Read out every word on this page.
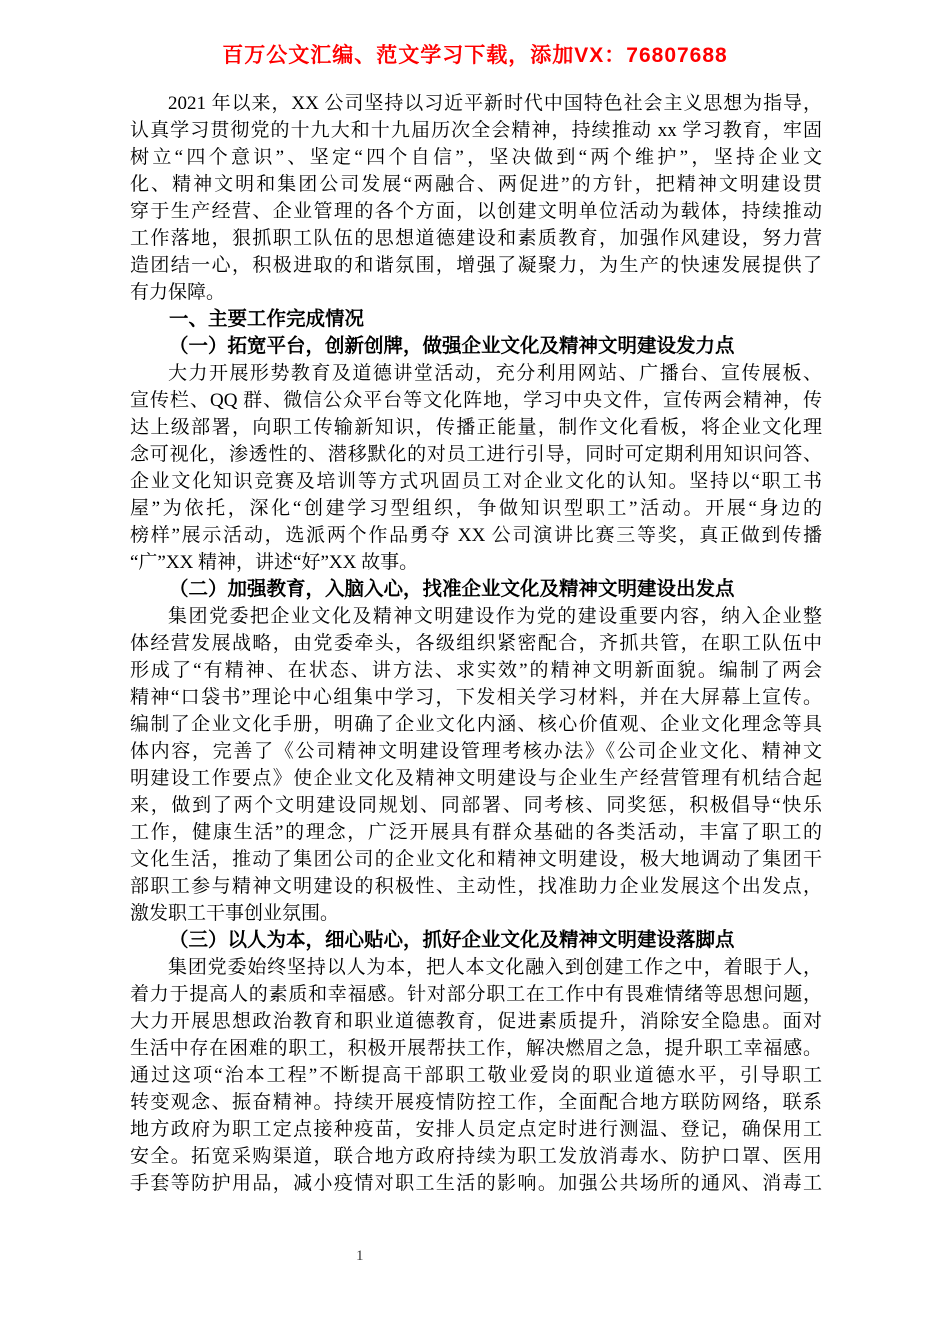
百万公文汇编、范文学习下载，添加VX：76807688
2021 年以来，XX 公司坚持以习近平新时代中国特色社会主义思想为指导，
认真学习贯彻党的十九大和十九届历次全会精神，持续推动 xx 学习教育，牢固
树立“四个意识”、坚定“四个自信”，坚决做到“两个维护”，坚持企业文
化、精神文明和集团公司发展“两融合、两促进”的方针，把精神文明建设贯
穿于生产经营、企业管理的各个方面，以创建文明单位活动为载体，持续推动
工作落地，狠抓职工队伍的思想道德建设和素质教育，加强作风建设，努力营
造团结一心，积极进取的和谐氛围，增强了凝聚力，为生产的快速发展提供了
有力保障。
一、主要工作完成情况
（一）拓宽平台，创新创牌，做强企业文化及精神文明建设发力点
大力开展形势教育及道德讲堂活动，充分利用网站、广播台、宣传展板、
宣传栏、QQ 群、微信公众平台等文化阵地，学习中央文件，宣传两会精神，传
达上级部署，向职工传输新知识，传播正能量，制作文化看板，将企业文化理
念可视化，渗透性的、潜移默化的对员工进行引导，同时可定期利用知识问答、
企业文化知识竞赛及培训等方式巩固员工对企业文化的认知。坚持以“职工书
屋”为依托，深化“创建学习型组织，争做知识型职工”活动。开展“身边的
榜样”展示活动，选派两个作品勇夺 XX 公司演讲比赛三等奖，真正做到传播
“广”XX 精神，讲述“好”XX 故事。
（二）加强教育，入脑入心，找准企业文化及精神文明建设出发点
集团党委把企业文化及精神文明建设作为党的建设重要内容，纳入企业整
体经营发展战略，由党委牵头，各级组织紧密配合，齐抓共管，在职工队伍中
形成了“有精神、在状态、讲方法、求实效”的精神文明新面貌。编制了两会
精神“口袋书”理论中心组集中学习，下发相关学习材料，并在大屏幕上宣传。
编制了企业文化手册，明确了企业文化内涵、核心价值观、企业文化理念等具
体内容，完善了《公司精神文明建设管理考核办法》《公司企业文化、精神文
明建设工作要点》使企业文化及精神文明建设与企业生产经营管理有机结合起
来，做到了两个文明建设同规划、同部署、同考核、同奖惩，积极倡导“快乐
工作，健康生活”的理念，广泛开展具有群众基础的各类活动，丰富了职工的
文化生活，推动了集团公司的企业文化和精神文明建设，极大地调动了集团干
部职工参与精神文明建设的积极性、主动性，找准助力企业发展这个出发点，
激发职工干事创业氛围。
（三）以人为本，细心贴心，抓好企业文化及精神文明建设落脚点
集团党委始终坚持以人为本，把人本文化融入到创建工作之中，着眼于人，
着力于提高人的素质和幸福感。针对部分职工在工作中有畏难情绪等思想问题，
大力开展思想政治教育和职业道德教育，促进素质提升，消除安全隐患。面对
生活中存在困难的职工，积极开展帮扶工作，解决燃眉之急，提升职工幸福感。
通过这项“治本工程”不断提高干部职工敬业爱岗的职业道德水平，引导职工
转变观念、振奋精神。持续开展疫情防控工作，全面配合地方联防网络，联系
地方政府为职工定点接种疫苗，安排人员定点定时进行测温、登记，确保用工
安全。拓宽采购渠道，联合地方政府持续为职工发放消毒水、防护口罩、医用
手套等防护用品，减小疫情对职工生活的影响。加强公共场所的通风、消毒工
1
